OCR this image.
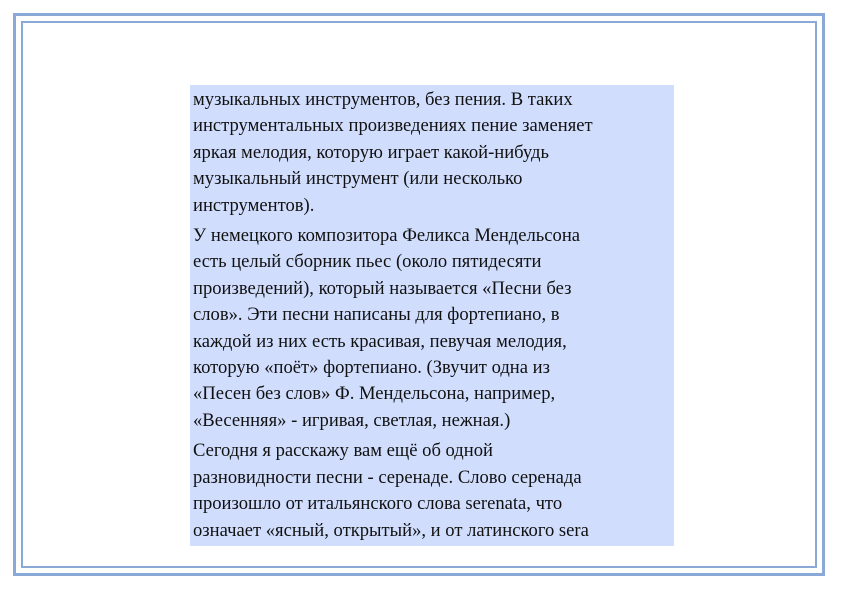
музыкальных инструментов, без пения. В таких
инструментальных произведениях пение заменяет
яркая мелодия, которую играет какой-нибудь
музыкальный инструмент (или несколько
инструментов).

У немецкого композитора Феликса Мендельсона
есть целый сборник пьес (около пятидесяти
произведений), который называется «Песни без
слов». Эти песни написаны для фортепиано, в
каждой из них есть красивая, певучая мелодия,
которую «поёт» фортепиано. (Звучит одна из
«Песен без слов» Ф. Мендельсона, например,
«Весенняя» - игривая, светлая, нежная.)

Сегодня я расскажу вам ещё об одной
разновидности песни - серенаде. Слово серенада
произошло от итальянского слова serenata, что
означает «ясный, открытый», и от латинского sera
